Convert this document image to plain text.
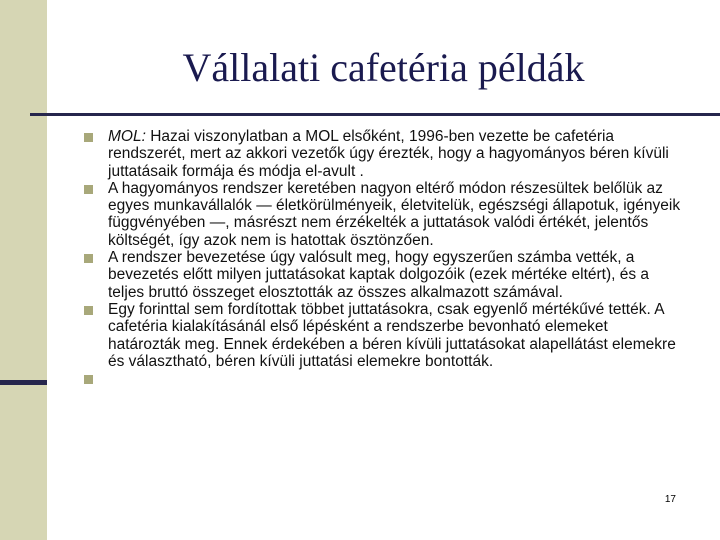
Vállalati cafetéria példák
MOL: Hazai viszonylatban a MOL elsőként, 1996-ben vezette be cafetéria rendszerét, mert az akkori vezetők úgy érezték, hogy a hagyományos béren kívüli juttatásaik formája és módja el-avult .
A hagyományos rendszer keretében nagyon eltérő módon részesültek belőlük az egyes munkavállalók — életkörülményeik, életvitelük, egészségi állapotuk, igényeik függvényében —, másrészt nem érzékelték a juttatások valódi értékét, jelentős költségét, így azok nem is hatottak ösztönzően.
A rendszer bevezetése úgy valósult meg, hogy egyszerűen számba vették, a bevezetés előtt milyen juttatásokat kaptak dolgozóik (ezek mértéke eltért), és a teljes bruttó összeget elosztották az összes alkalmazott számával.
Egy forinttal sem fordítottak többet juttatásokra, csak egyenlő mértékűvé tették. A cafetéria kialakításánál első lépésként a rendszerbe bevonható elemeket határozták meg. Ennek érdekében a béren kívüli juttatásokat alapellátást elemekre és választható, béren kívüli juttatási elemekre bontották.
17
